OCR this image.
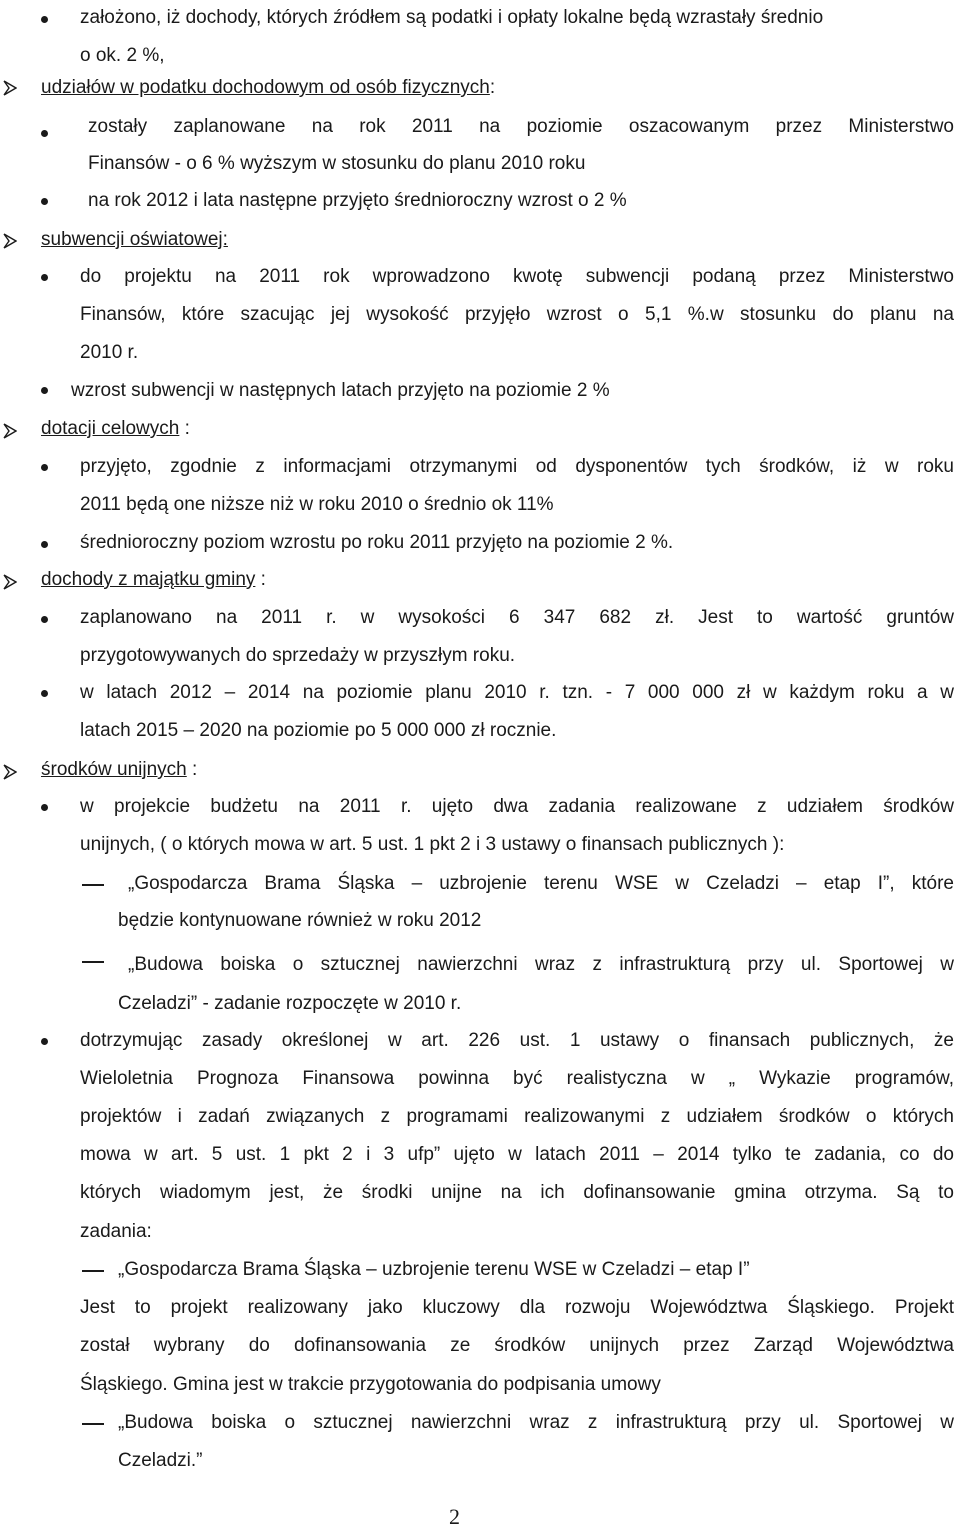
założono, iż dochody, których źródłem są podatki i opłaty lokalne będą wzrastały średnio
o ok. 2 %,
udziałów w podatku dochodowym od osób fizycznych:
zostały zaplanowane na rok 2011 na poziomie oszacowanym przez Ministerstwo
Finansów - o 6 % wyższym w stosunku do planu 2010 roku
na rok 2012 i lata następne przyjęto średnioroczny wzrost o 2 %
subwencji oświatowej:
do projektu na 2011 rok wprowadzono kwotę subwencji podaną przez Ministerstwo
Finansów, które szacując jej wysokość przyjęło wzrost o 5,1 %.w stosunku do planu na
2010 r.
wzrost subwencji w następnych latach przyjęto na poziomie 2 %
dotacji celowych :
przyjęto, zgodnie z informacjami otrzymanymi od dysponentów tych środków, iż w roku
2011 będą one niższe niż w roku 2010 o średnio ok 11%
średnioroczny poziom wzrostu po roku 2011 przyjęto na poziomie 2 %.
dochody z majątku gminy :
zaplanowano na 2011 r. w wysokości 6 347 682 zł. Jest to wartość gruntów
przygotowywanych do sprzedaży w przyszłym roku.
w latach 2012 – 2014 na poziomie planu 2010 r. tzn. - 7 000 000 zł w każdym roku a w
latach 2015 – 2020 na poziomie po 5 000 000 zł rocznie.
środków unijnych :
w projekcie budżetu na 2011 r. ujęto dwa zadania realizowane z udziałem środków
unijnych, ( o których mowa w art. 5 ust. 1 pkt 2 i 3 ustawy o finansach publicznych ):
„Gospodarcza Brama Śląska – uzbrojenie terenu WSE w Czeladzi – etap I”, które
będzie kontynuowane również w roku 2012
„Budowa boiska o sztucznej nawierzchni wraz z infrastrukturą przy ul. Sportowej w
Czeladzi” - zadanie rozpoczęte w 2010 r.
dotrzymując zasady określonej w art. 226 ust. 1 ustawy o finansach publicznych, że
Wieloletnia Prognoza Finansowa powinna być realistyczna w „ Wykazie programów,
projektów i zadań związanych z programami realizowanymi z udziałem środków o których
mowa w art. 5 ust. 1 pkt 2 i 3 ufp” ujęto w latach 2011 – 2014 tylko te zadania, co do
których wiadomym jest, że środki unijne na ich dofinansowanie gmina otrzyma. Są to
zadania:
„Gospodarcza Brama Śląska – uzbrojenie terenu WSE w Czeladzi – etap I”
Jest to projekt realizowany jako kluczowy dla rozwoju Województwa Śląskiego. Projekt
został wybrany do dofinansowania ze środków unijnych przez Zarząd Województwa
Śląskiego. Gmina jest w trakcie przygotowania do podpisania umowy
„Budowa boiska o sztucznej nawierzchni wraz z infrastrukturą przy ul. Sportowej w
Czeladzi.”
2
